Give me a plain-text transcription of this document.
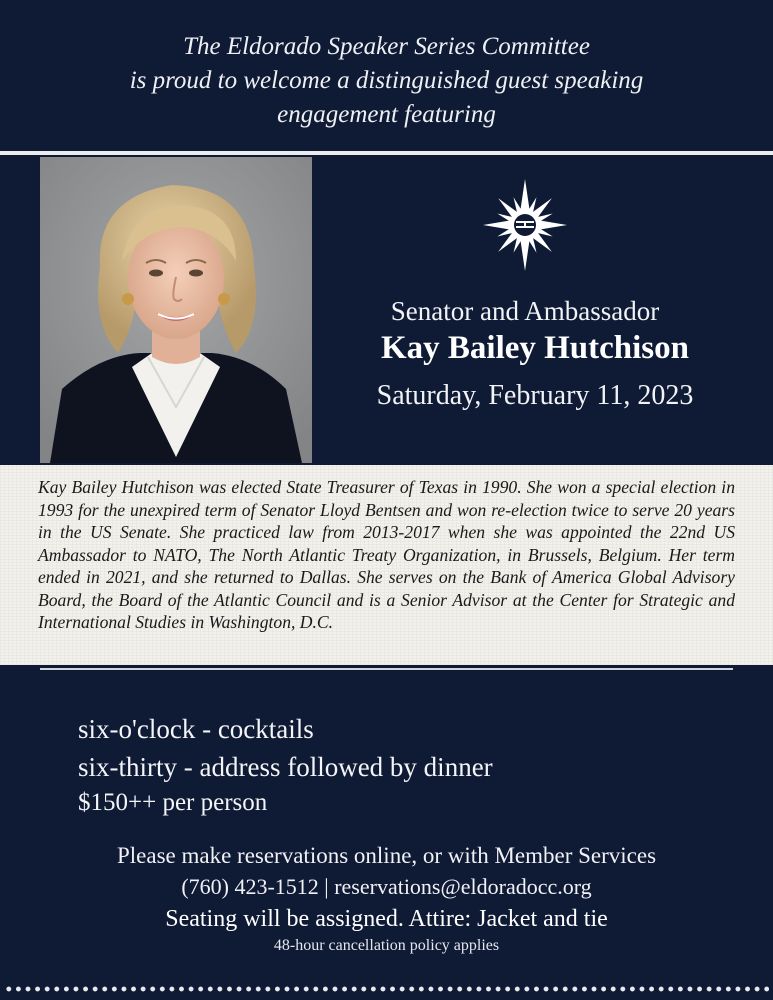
The Eldorado Speaker Series Committee
is proud to welcome a distinguished guest speaking
engagement featuring

Senator and Ambassador
Kay Bailey Hutchison
Saturday, February 11, 2023

Kay Bailey Hutchison was elected State Treasurer of Texas in 1990. She won a special election in 1993 for the unexpired term of Senator Lloyd Bentsen and won re-election twice to serve 20 years in the US Senate. She practiced law from 2013-2017 when she was appointed the 22nd US Ambassador to NATO, The North Atlantic Treaty Organization, in Brussels, Belgium. Her term ended in 2021, and she returned to Dallas. She serves on the Bank of America Global Advisory Board, the Board of the Atlantic Council and is a Senior Advisor at the Center for Strategic and International Studies in Washington, D.C.

six-o'clock - cocktails
six-thirty - address followed by dinner
$150++ per person
Please make reservations online, or with Member Services
(760) 423-1512 | reservations@eldoradocc.org
Seating will be assigned. Attire: Jacket and tie
48-hour cancellation policy applies
